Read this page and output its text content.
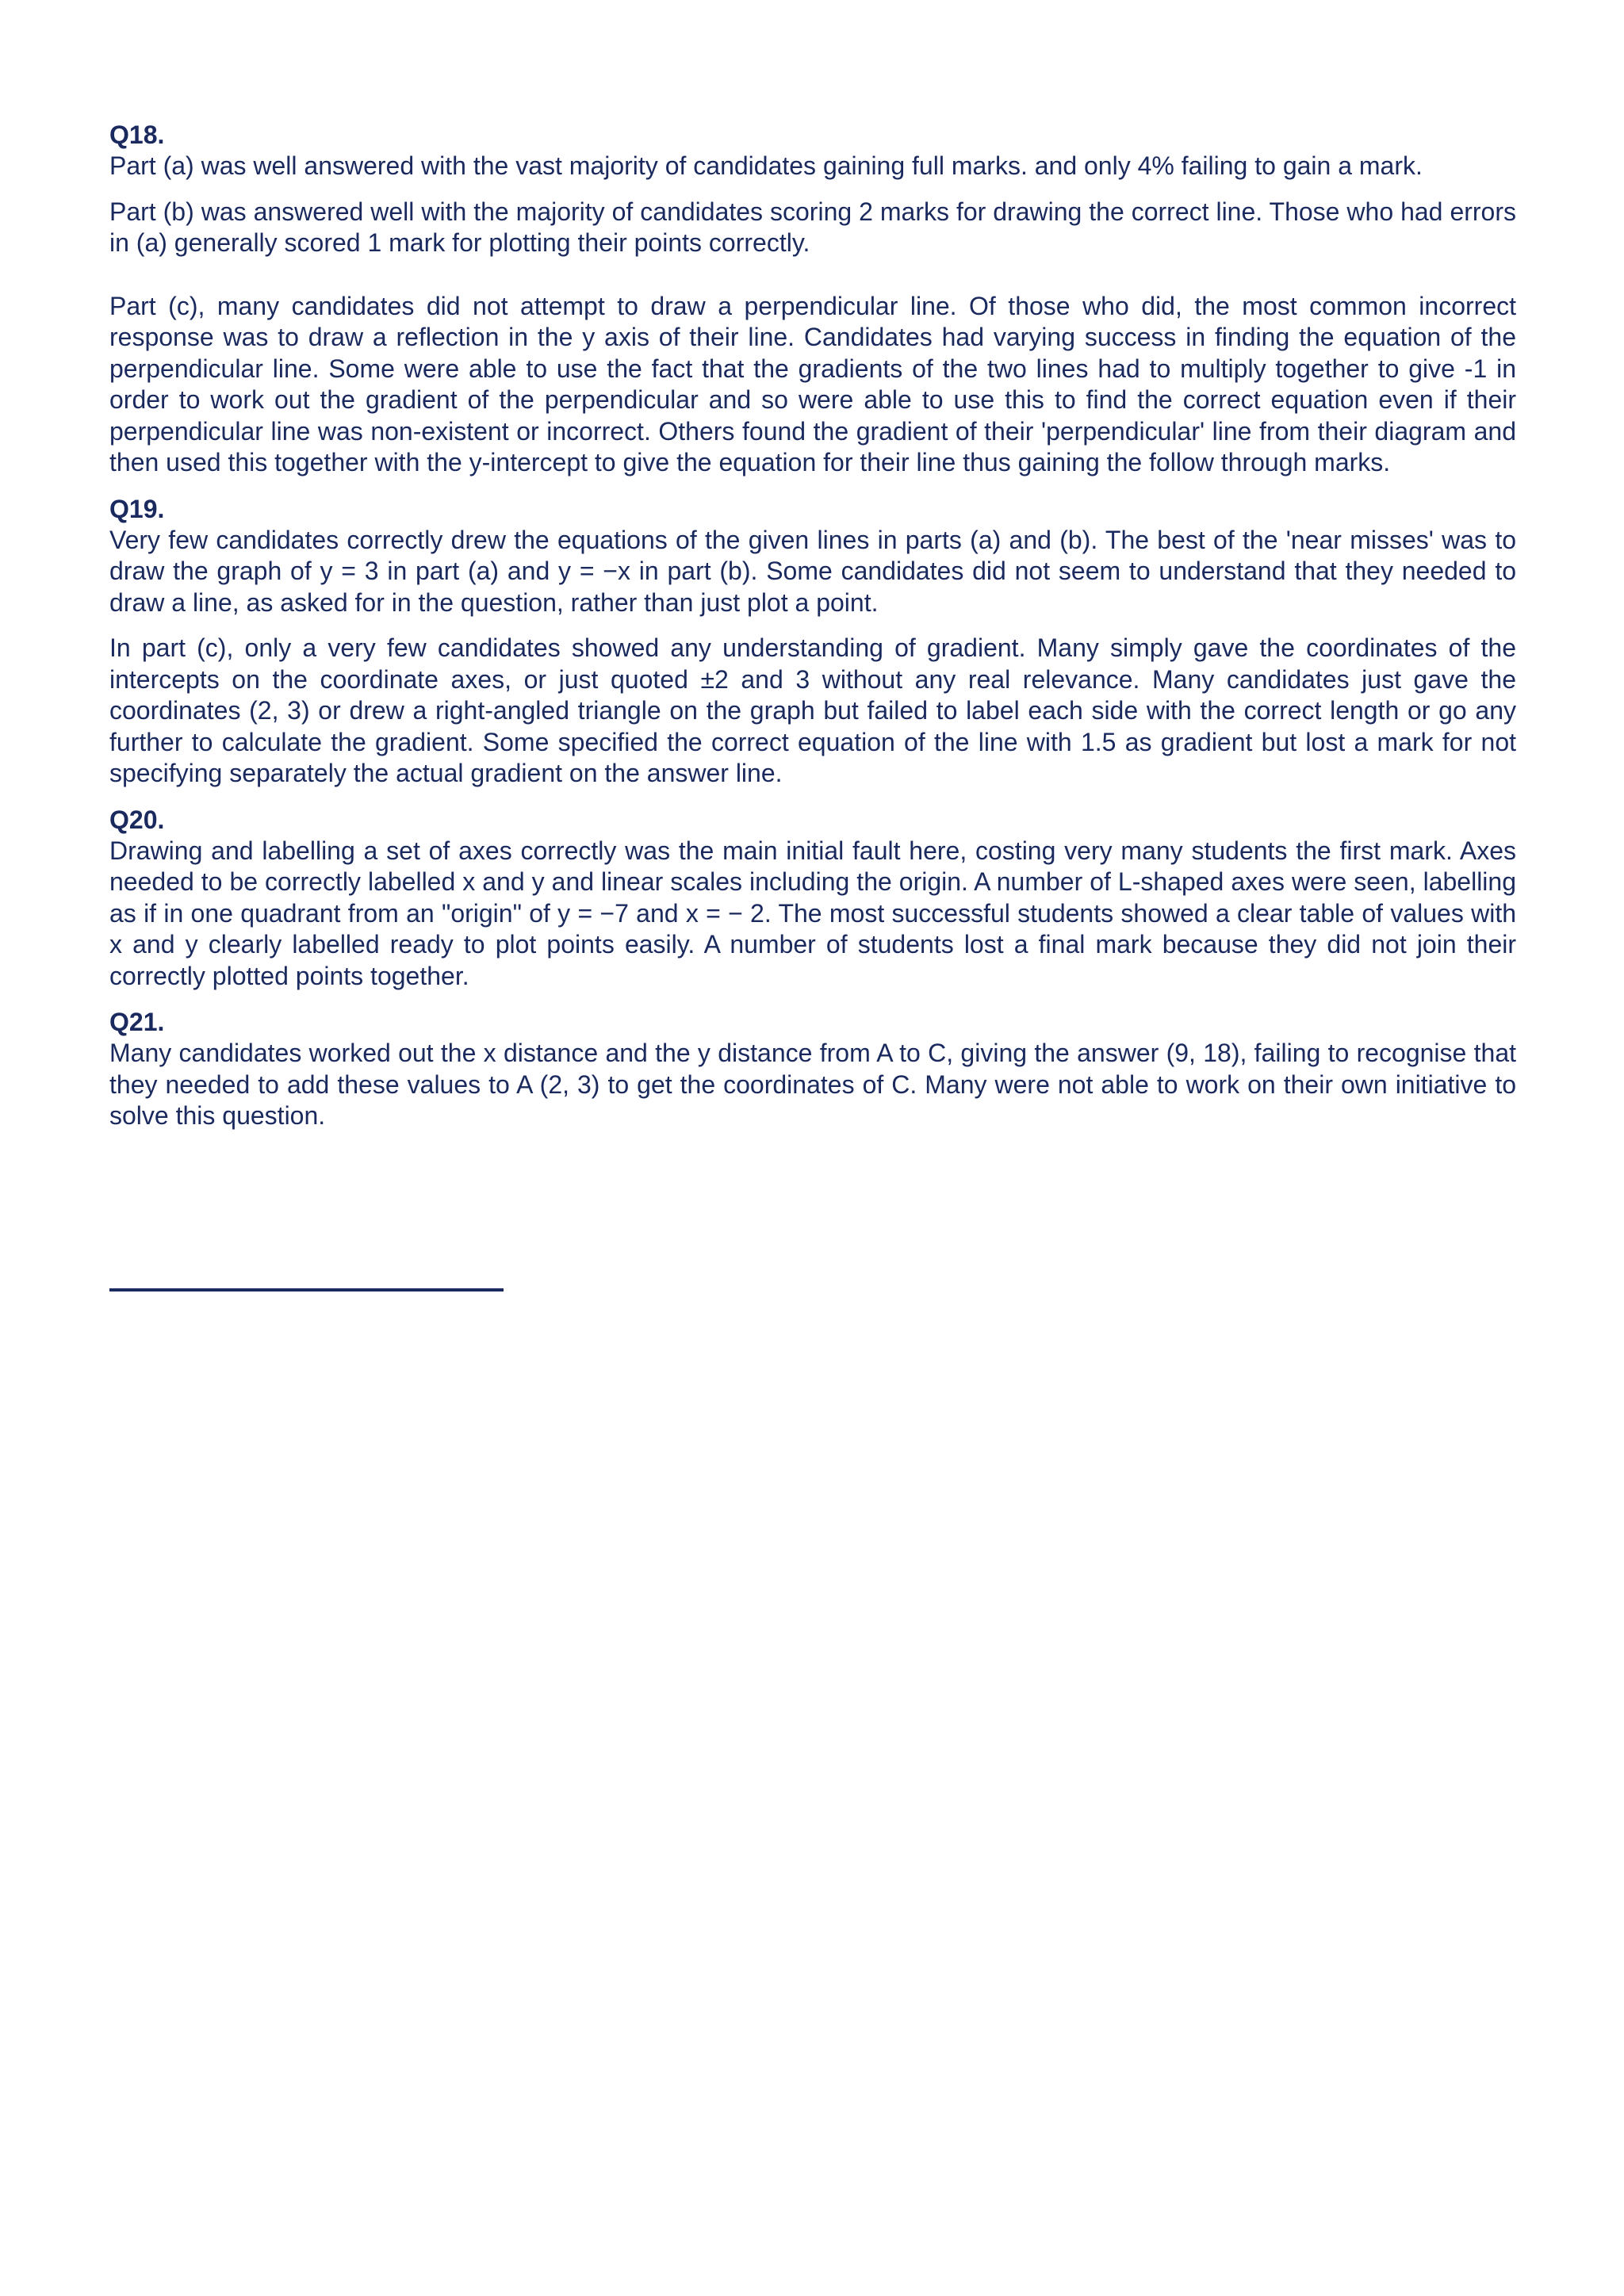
Q18.

Part (a) was well answered with the vast majority of candidates gaining full marks. and only 4% failing to gain a mark.

Part (b) was answered well with the majority of candidates scoring 2 marks for drawing the correct line. Those who had errors in (a) generally scored 1 mark for plotting their points correctly.

Part (c), many candidates did not attempt to draw a perpendicular line. Of those who did, the most common incorrect response was to draw a reflection in the y axis of their line. Candidates had varying success in finding the equation of the perpendicular line. Some were able to use the fact that the gradients of the two lines had to multiply together to give -1 in order to work out the gradient of the perpendicular and so were able to use this to find the correct equation even if their perpendicular line was non-existent or incorrect. Others found the gradient of their 'perpendicular' line from their diagram and then used this together with the y-intercept to give the equation for their line thus gaining the follow through marks.

Q19.

Very few candidates correctly drew the equations of the given lines in parts (a) and (b). The best of the 'near misses' was to draw the graph of y = 3 in part (a) and y = −x in part (b). Some candidates did not seem to understand that they needed to draw a line, as asked for in the question, rather than just plot a point.

In part (c), only a very few candidates showed any understanding of gradient. Many simply gave the coordinates of the intercepts on the coordinate axes, or just quoted ±2 and 3 without any real relevance. Many candidates just gave the coordinates (2, 3) or drew a right-angled triangle on the graph but failed to label each side with the correct length or go any further to calculate the gradient. Some specified the correct equation of the line with 1.5 as gradient but lost a mark for not specifying separately the actual gradient on the answer line.

Q20.

Drawing and labelling a set of axes correctly was the main initial fault here, costing very many students the first mark. Axes needed to be correctly labelled x and y and linear scales including the origin. A number of L-shaped axes were seen, labelling as if in one quadrant from an "origin" of y = −7 and x = − 2. The most successful students showed a clear table of values with x and y clearly labelled ready to plot points easily. A number of students lost a final mark because they did not join their correctly plotted points together.

Q21.

Many candidates worked out the x distance and the y distance from A to C, giving the answer (9, 18), failing to recognise that they needed to add these values to A (2, 3) to get the coordinates of C. Many were not able to work on their own initiative to solve this question.
